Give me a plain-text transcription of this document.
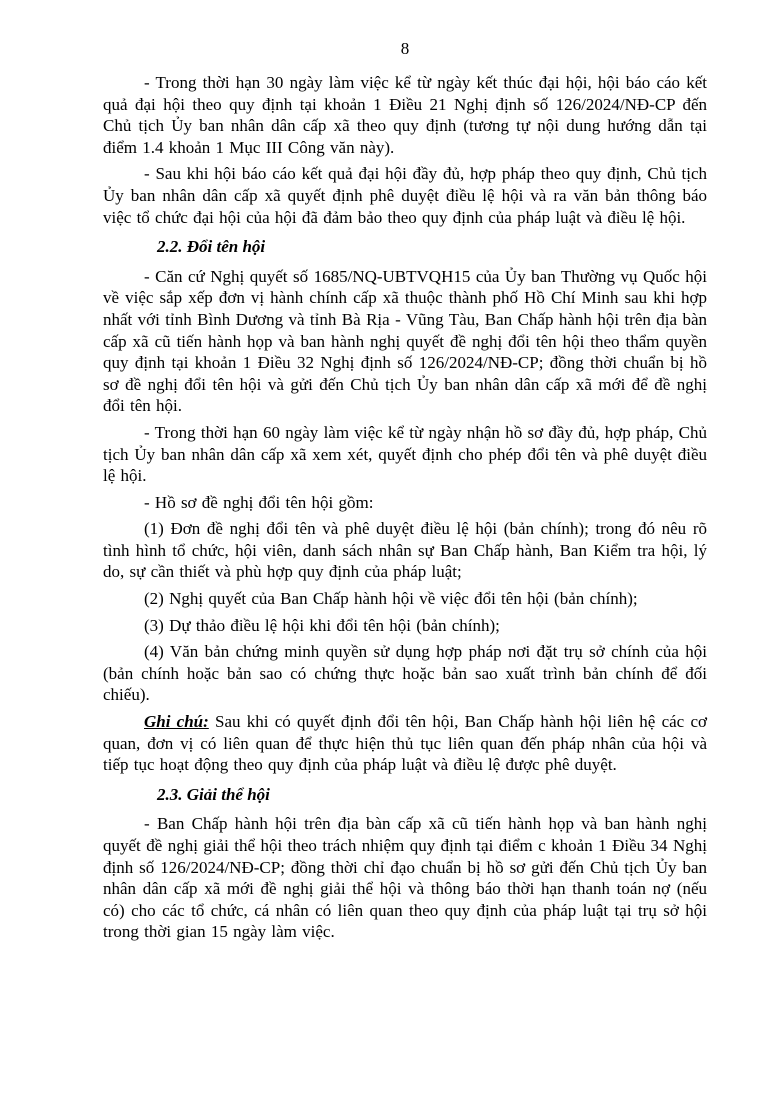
8

- Trong thời hạn 30 ngày làm việc kể từ ngày kết thúc đại hội, hội báo cáo kết quả đại hội theo quy định tại khoản 1 Điều 21 Nghị định số 126/2024/NĐ-CP đến Chủ tịch Ủy ban nhân dân cấp xã theo quy định (tương tự nội dung hướng dẫn tại điểm 1.4 khoản 1 Mục III Công văn này).

- Sau khi hội báo cáo kết quả đại hội đầy đủ, hợp pháp theo quy định, Chủ tịch Ủy ban nhân dân cấp xã quyết định phê duyệt điều lệ hội và ra văn bản thông báo việc tổ chức đại hội của hội đã đảm bảo theo quy định của pháp luật và điều lệ hội.

2.2. Đổi tên hội

- Căn cứ Nghị quyết số 1685/NQ-UBTVQH15 của Ủy ban Thường vụ Quốc hội về việc sắp xếp đơn vị hành chính cấp xã thuộc thành phố Hồ Chí Minh sau khi hợp nhất với tỉnh Bình Dương và tỉnh Bà Rịa - Vũng Tàu, Ban Chấp hành hội trên địa bàn cấp xã cũ tiến hành họp và ban hành nghị quyết đề nghị đổi tên hội theo thẩm quyền quy định tại khoản 1 Điều 32 Nghị định số 126/2024/NĐ-CP; đồng thời chuẩn bị hồ sơ đề nghị đổi tên hội và gửi đến Chủ tịch Ủy ban nhân dân cấp xã mới để đề nghị đổi tên hội.

- Trong thời hạn 60 ngày làm việc kể từ ngày nhận hồ sơ đầy đủ, hợp pháp, Chủ tịch Ủy ban nhân dân cấp xã xem xét, quyết định cho phép đổi tên và phê duyệt điều lệ hội.

- Hồ sơ đề nghị đổi tên hội gồm:

(1) Đơn đề nghị đổi tên và phê duyệt điều lệ hội (bản chính); trong đó nêu rõ tình hình tổ chức, hội viên, danh sách nhân sự Ban Chấp hành, Ban Kiểm tra hội, lý do, sự cần thiết và phù hợp quy định của pháp luật;

(2) Nghị quyết của Ban Chấp hành hội về việc đổi tên hội (bản chính);

(3) Dự thảo điều lệ hội khi đổi tên hội (bản chính);

(4) Văn bản chứng minh quyền sử dụng hợp pháp nơi đặt trụ sở chính của hội (bản chính hoặc bản sao có chứng thực hoặc bản sao xuất trình bản chính để đối chiếu).

Ghi chú: Sau khi có quyết định đổi tên hội, Ban Chấp hành hội liên hệ các cơ quan, đơn vị có liên quan để thực hiện thủ tục liên quan đến pháp nhân của hội và tiếp tục hoạt động theo quy định của pháp luật và điều lệ được phê duyệt.

2.3. Giải thể hội

- Ban Chấp hành hội trên địa bàn cấp xã cũ tiến hành họp và ban hành nghị quyết đề nghị giải thể hội theo trách nhiệm quy định tại điểm c khoản 1 Điều 34 Nghị định số 126/2024/NĐ-CP; đồng thời chỉ đạo chuẩn bị hồ sơ gửi đến Chủ tịch Ủy ban nhân dân cấp xã mới đề nghị giải thể hội và thông báo thời hạn thanh toán nợ (nếu có) cho các tổ chức, cá nhân có liên quan theo quy định của pháp luật tại trụ sở hội trong thời gian 15 ngày làm việc.
